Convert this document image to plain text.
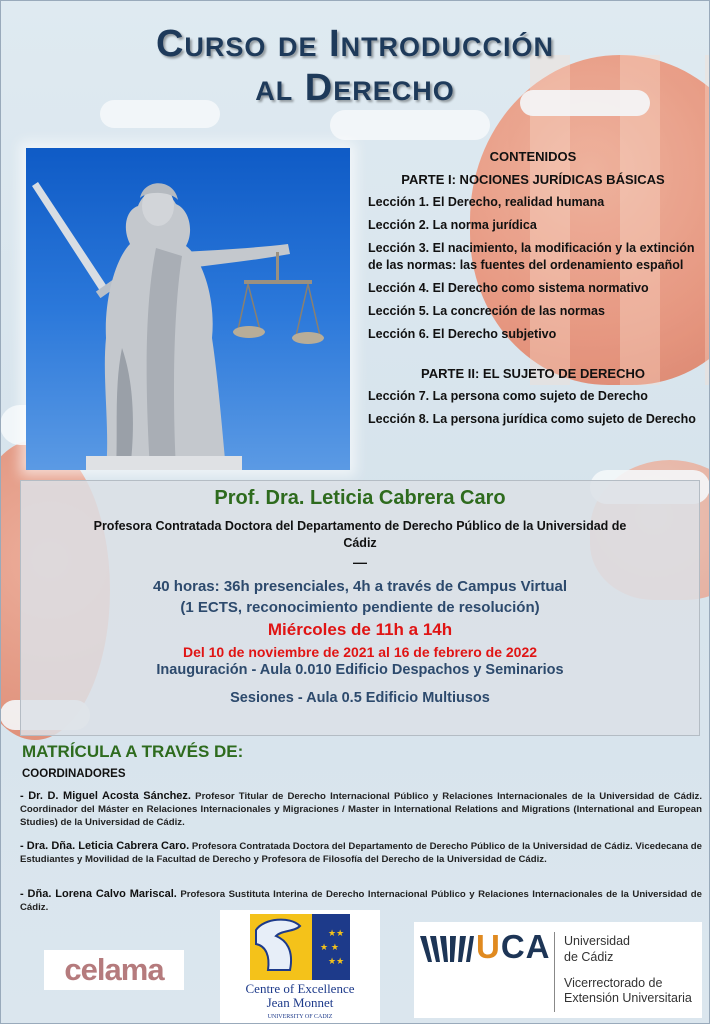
Curso de Introducción
al Derecho
CONTENIDOS
PARTE I: NOCIONES JURÍDICAS BÁSICAS
Lección 1. El Derecho, realidad humana
Lección 2. La norma jurídica
Lección 3. El nacimiento, la modificación y la extinción de las normas: las fuentes del ordenamiento español
Lección 4. El Derecho como sistema normativo
Lección 5. La concreción de las normas
Lección 6. El Derecho subjetivo
PARTE II: EL SUJETO DE DERECHO
Lección 7. La persona como sujeto de Derecho
Lección 8. La persona jurídica como sujeto de Derecho
Prof. Dra. Leticia Cabrera Caro
Profesora Contratada Doctora del Departamento de Derecho Público de la Universidad de Cádiz
—
40 horas: 36h presenciales, 4h a través de Campus Virtual
(1 ECTS, reconocimiento pendiente de resolución)
Miércoles de 11h a 14h
Del 10 de noviembre de 2021 al 16 de febrero de 2022
Inauguración - Aula 0.010 Edificio Despachos y Seminarios
Sesiones - Aula 0.5 Edificio Multiusos
MATRÍCULA A TRAVÉS DE:
COORDINADORES
- Dr. D. Miguel Acosta Sánchez. Profesor Titular de Derecho Internacional Público y Relaciones Internacionales de la Universidad de Cádiz. Coordinador del Máster en Relaciones Internacionales y Migraciones / Master in International Relations and Migrations (International and European Studies) de la Universidad de Cádiz.
- Dra. Dña. Leticia Cabrera Caro. Profesora Contratada Doctora del Departamento de Derecho Público de la Universidad de Cádiz. Vicedecana de Estudiantes y Movilidad de la Facultad de Derecho y Profesora de Filosofía del Derecho de la Universidad de Cádiz.
- Dña. Lorena Calvo Mariscal. Profesora Sustituta Interina de Derecho Internacional Público y Relaciones Internacionales de la Universidad de Cádiz.
celama
★★
★ ★
★★
Centre of Excellence
Jean Monnet
UNIVERSITY OF CADIZ
UCA Universidad
de Cádiz
Vicerrectorado de
Extensión Universitaria
